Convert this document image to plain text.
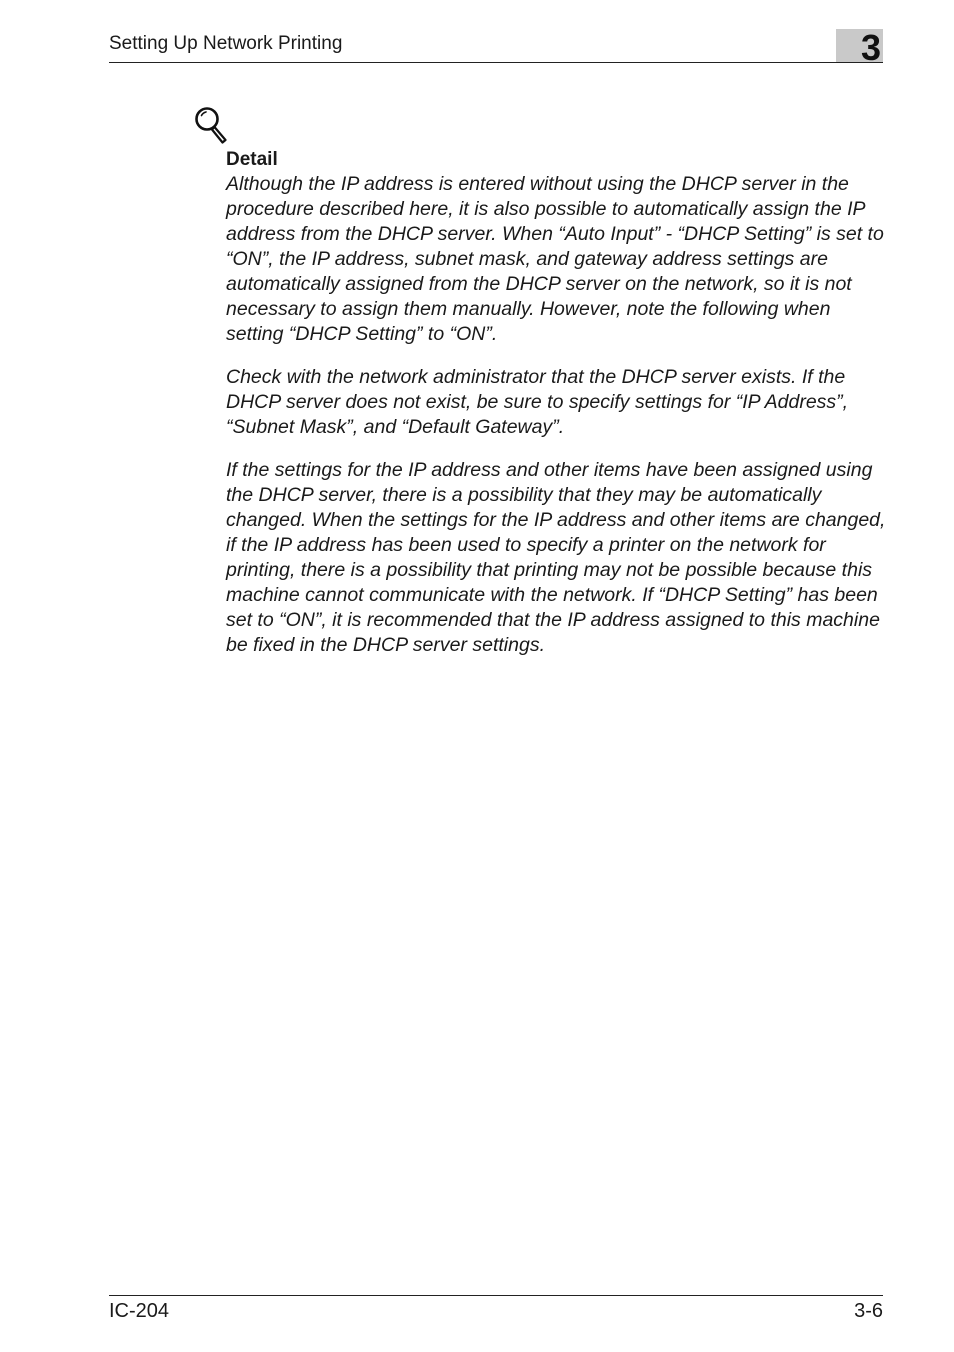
Setting Up Network Printing	3

Detail

Although the IP address is entered without using the DHCP server in the procedure described here, it is also possible to automatically assign the IP address from the DHCP server. When “Auto Input” - “DHCP Setting” is set to “ON”, the IP address, subnet mask, and gateway address settings are automatically assigned from the DHCP server on the network, so it is not necessary to assign them manually. However, note the following when setting “DHCP Setting” to “ON”.

Check with the network administrator that the DHCP server exists. If the DHCP server does not exist, be sure to specify settings for “IP Address”, “Subnet Mask”, and “Default Gateway”.

If the settings for the IP address and other items have been assigned using the DHCP server, there is a possibility that they may be automatically changed. When the settings for the IP address and other items are changed, if the IP address has been used to specify a printer on the network for printing, there is a possibility that printing may not be possible because this machine cannot communicate with the network. If “DHCP Setting” has been set to “ON”, it is recommended that the IP address assigned to this machine be fixed in the DHCP server settings.

IC-204	3-6
